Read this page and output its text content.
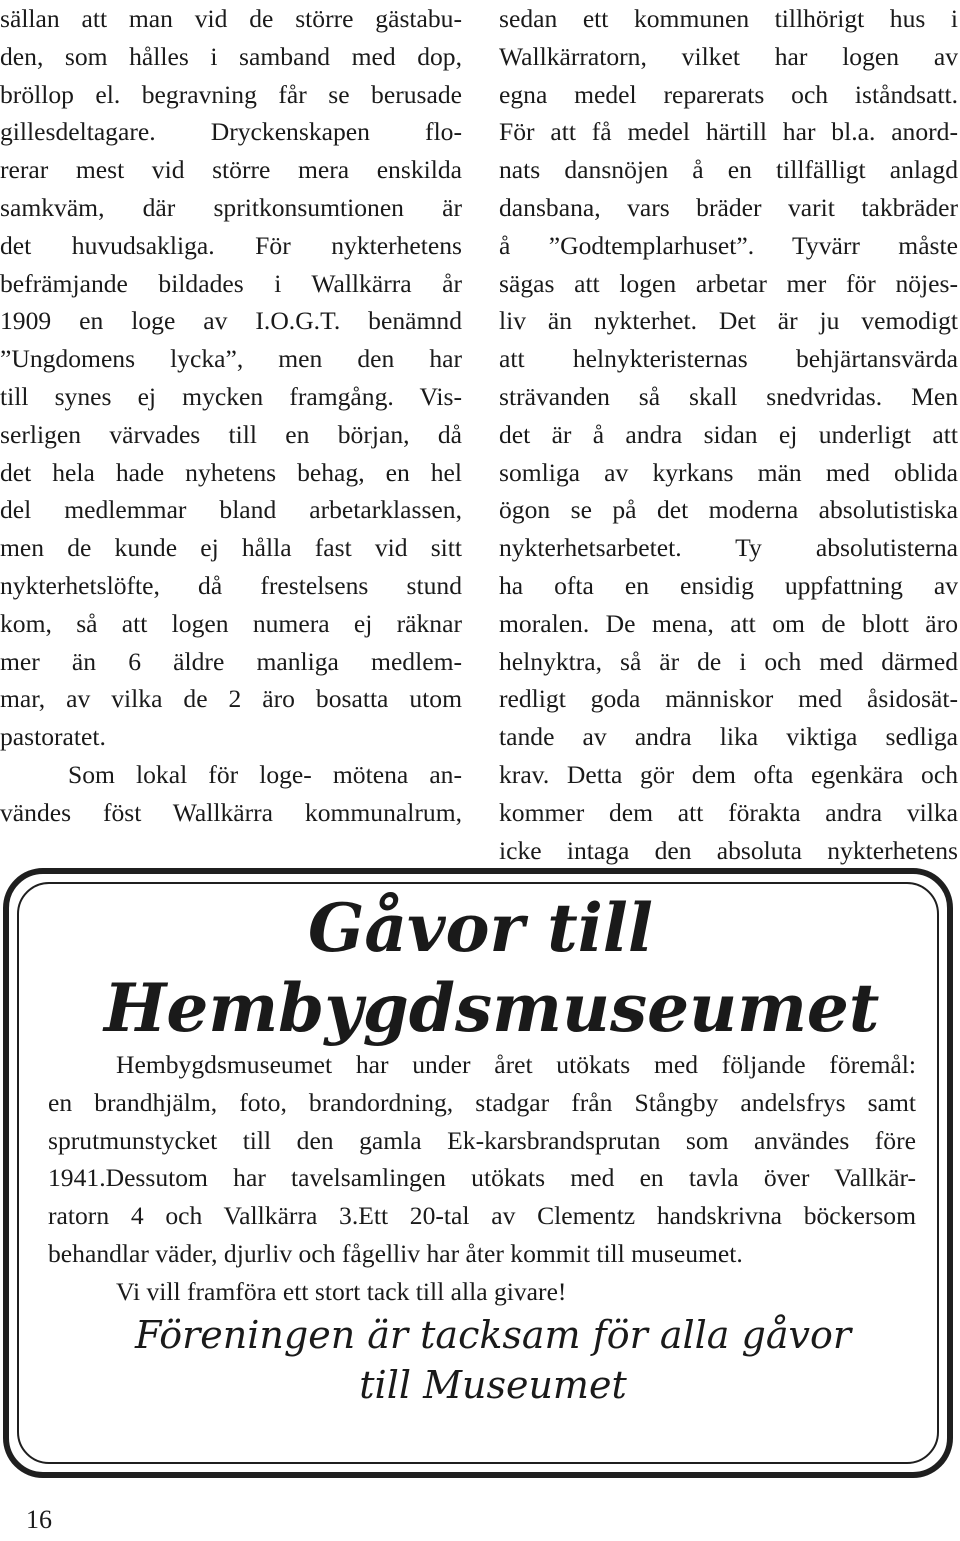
sällan att man vid de större gästabu-
den, som hålles i samband med dop,
bröllop el. begravning får se berusade
gillesdeltagare. Dryckenskapen flo-
rerar mest vid större mera enskilda
samkväm, där spritkonsumtionen är
det huvudsakliga. För nykterhetens
befrämjande bildades i Wallkärra år
1909 en loge av I.O.G.T. benämnd
”Ungdomens lycka”, men den har
till synes ej mycken framgång. Vis-
serligen värvades till en början, då
det hela hade nyhetens behag, en hel
del medlemmar bland arbetarklassen,
men de kunde ej hålla fast vid sitt
nykterhetslöfte, då frestelsens stund
kom, så att logen numera ej räknar
mer än 6 äldre manliga medlem-
mar, av vilka de 2 äro bosatta utom
pastoratet.
Som lokal för loge- mötena an-
vändes föst Wallkärra kommunalrum,
sedan ett kommunen tillhörigt hus i
Wallkärratorn, vilket har logen av
egna medel reparerats och iståndsatt.
För att få medel härtill har bl.a. anord-
nats dansnöjen å en tillfälligt anlagd
dansbana, vars bräder varit takbräder
å ”Godtemplarhuset”. Tyvärr måste
sägas att logen arbetar mer för nöjes-
liv än nykterhet. Det är ju vemodigt
att helnykteristernas behjärtansvärda
strävanden så skall snedvridas. Men
det är å andra sidan ej underligt att
somliga av kyrkans män med oblida
ögon se på det moderna absolutistiska
nykterhetsarbetet. Ty absolutisterna
ha ofta en ensidig uppfattning av
moralen. De mena, att om de blott äro
helnyktra, så är de i och med därmed
redligt goda människor med åsidosät-
tande av andra lika viktiga sedliga
krav. Detta gör dem ofta egenkära och
kommer dem att förakta andra vilka
icke intaga den absoluta nykterhetens
Gåvor till
Hembygdsmuseumet
Hembygdsmuseumet har under året utökats med följande föremål:
en brandhjälm, foto, brandordning, stadgar från Stångby andelsfrys samt
sprutmunstycket till den gamla Ek-karsbrandsprutan som användes före
1941.Dessutom har tavelsamlingen utökats med en tavla över Vallkär-
ratorn 4 och Vallkärra 3.Ett 20-tal av Clementz handskrivna böckersom
behandlar väder, djurliv och fågelliv har åter kommit till museumet.
Vi vill framföra ett stort tack till alla givare!
Föreningen är tacksam för alla gåvor
till Museumet

16
